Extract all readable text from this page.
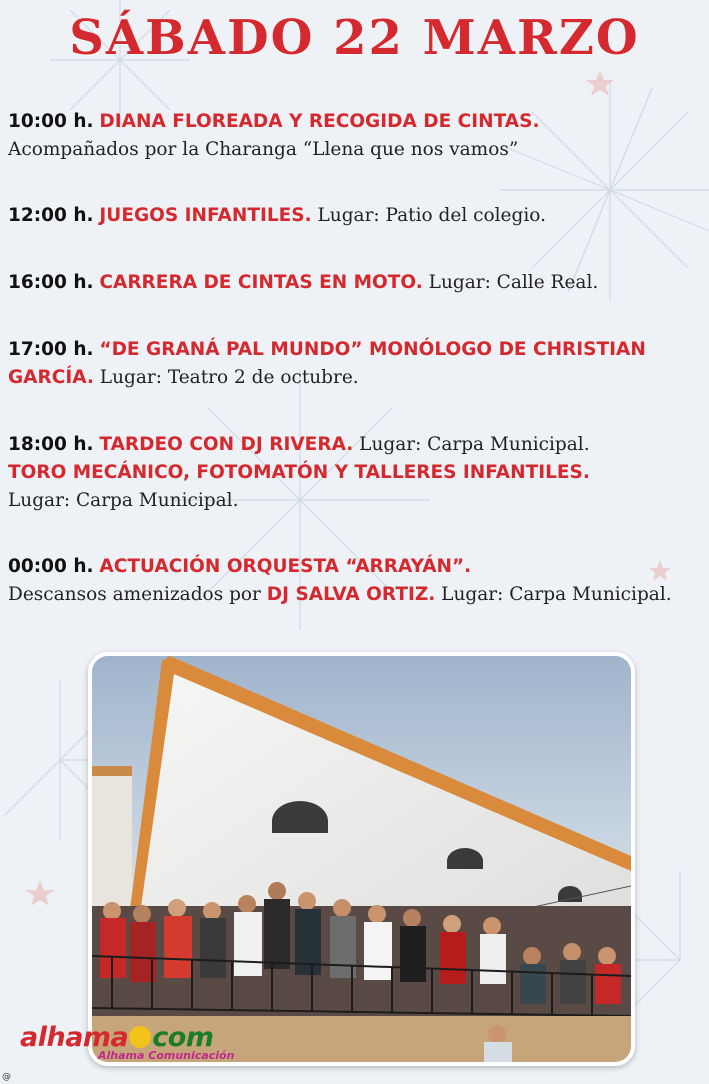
SÁBADO 22 MARZO
10:00 h. DIANA FLOREADA Y RECOGIDA DE CINTAS.
Acompañados por la Charanga “Llena que nos vamos”
12:00 h. JUEGOS INFANTILES. Lugar: Patio del colegio.
16:00 h. CARRERA DE CINTAS EN MOTO. Lugar: Calle Real.
17:00 h. “DE GRANÁ PAL MUNDO” MONÓLOGO DE CHRISTIAN
GARCÍA. Lugar: Teatro 2 de octubre.
18:00 h. TARDEO CON DJ RIVERA. Lugar: Carpa Municipal.
TORO MECÁNICO, FOTOMATÓN Y TALLERES INFANTILES.
Lugar: Carpa Municipal.
00:00 h. ACTUACIÓN ORQUESTA “ARRAYÁN”.
Descansos amenizados por DJ SALVA ORTIZ. Lugar: Carpa Municipal.
alhama com
Alhama Comunicación
@
